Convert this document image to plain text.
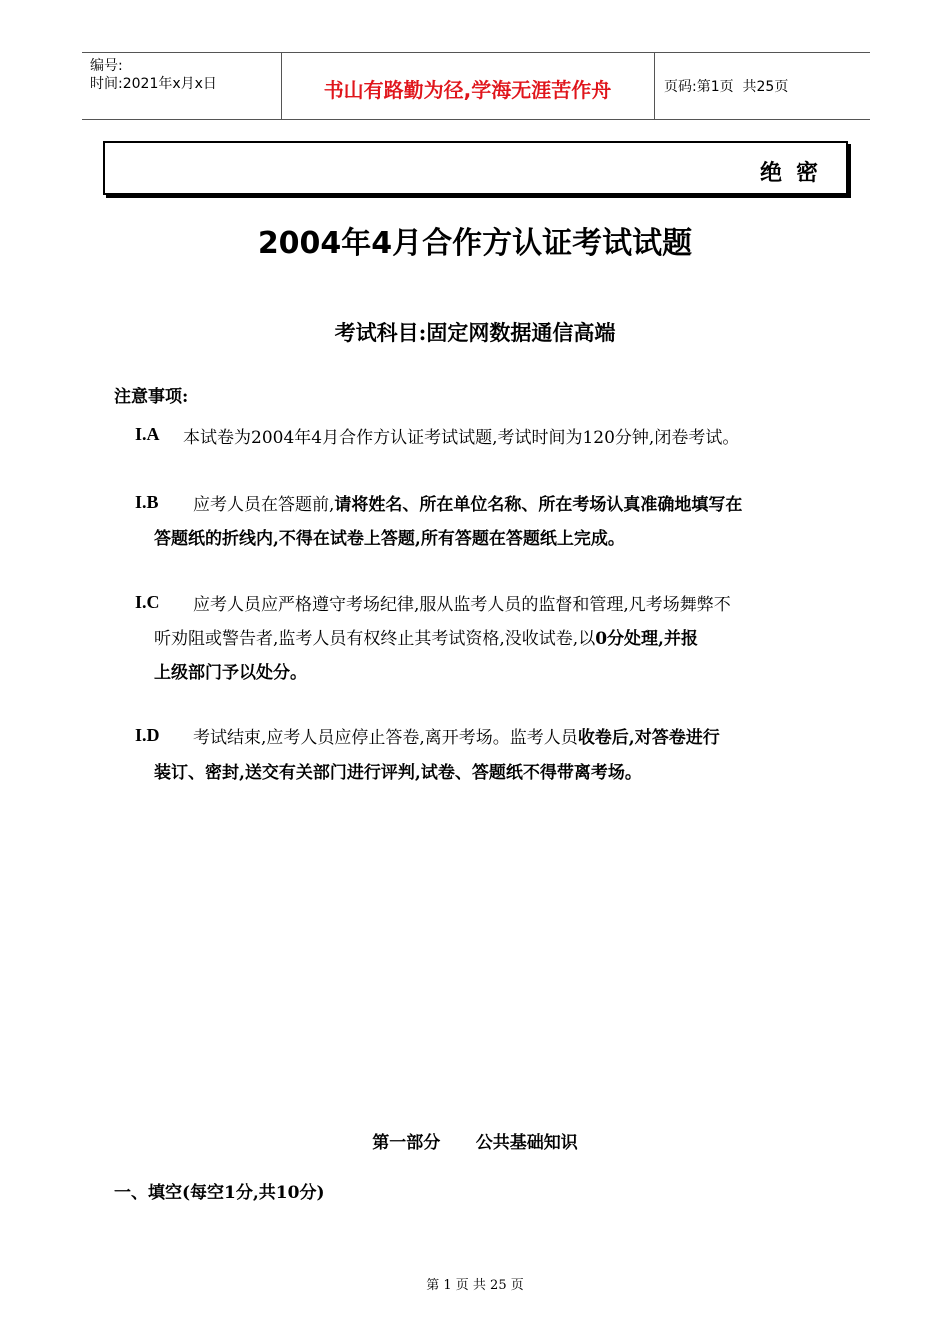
编号:
时间:2021年x月x日	书山有路勤为径,学海无涯苦作舟	页码:第1页  共25页
绝密
2004年4月合作方认证考试试题
考试科目:固定网数据通信高端
注意事项:
I.A 本试卷为2004年4月合作方认证考试试题,考试时间为120分钟,闭卷考试。
I.B 应考人员在答题前,请将姓名、所在单位名称、所在考场认真准确地填写在
答题纸的折线内,不得在试卷上答题,所有答题在答题纸上完成。
I.C 应考人员应严格遵守考场纪律,服从监考人员的监督和管理,凡考场舞弊不
听劝阻或警告者,监考人员有权终止其考试资格,没收试卷,以0分处理,并报
上级部门予以处分。
I.D 考试结束,应考人员应停止答卷,离开考场。监考人员收卷后,对答卷进行
装订、密封,送交有关部门进行评判,试卷、答题纸不得带离考场。
第一部分      公共基础知识
一、填空(每空1分,共10分)
第 1 页 共 25 页
